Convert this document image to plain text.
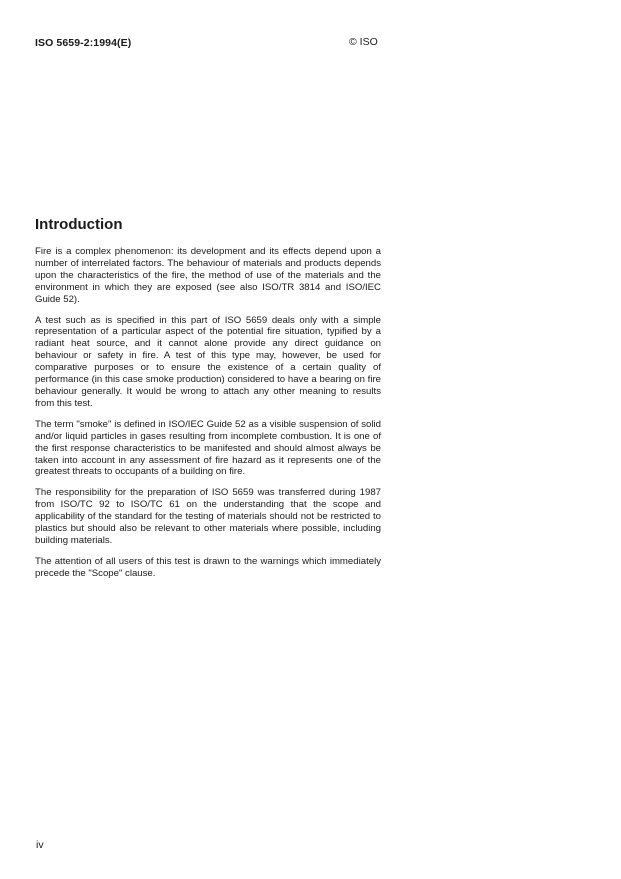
ISO 5659-2:1994(E)	© ISO
Introduction

Fire is a complex phenomenon: its development and its effects depend upon a number of interrelated factors. The behaviour of materials and products depends upon the characteristics of the fire, the method of use of the materials and the environment in which they are exposed (see also ISO/TR 3814 and ISO/IEC Guide 52).

A test such as is specified in this part of ISO 5659 deals only with a simple representation of a particular aspect of the potential fire situation, typified by a radiant heat source, and it cannot alone provide any direct guidance on behaviour or safety in fire. A test of this type may, however, be used for comparative purposes or to ensure the existence of a certain quality of performance (in this case smoke production) considered to have a bearing on fire behaviour generally. It would be wrong to attach any other meaning to results from this test.

The term "smoke" is defined in ISO/IEC Guide 52 as a visible suspension of solid and/or liquid particles in gases resulting from incomplete combustion. It is one of the first response characteristics to be manifested and should almost always be taken into account in any assessment of fire hazard as it represents one of the greatest threats to occupants of a building on fire.

The responsibility for the preparation of ISO 5659 was transferred during 1987 from ISO/TC 92 to ISO/TC 61 on the understanding that the scope and applicability of the standard for the testing of materials should not be restricted to plastics but should also be relevant to other materials where possible, including building materials.

The attention of all users of this test is drawn to the warnings which immediately precede the "Scope" clause.

iv
